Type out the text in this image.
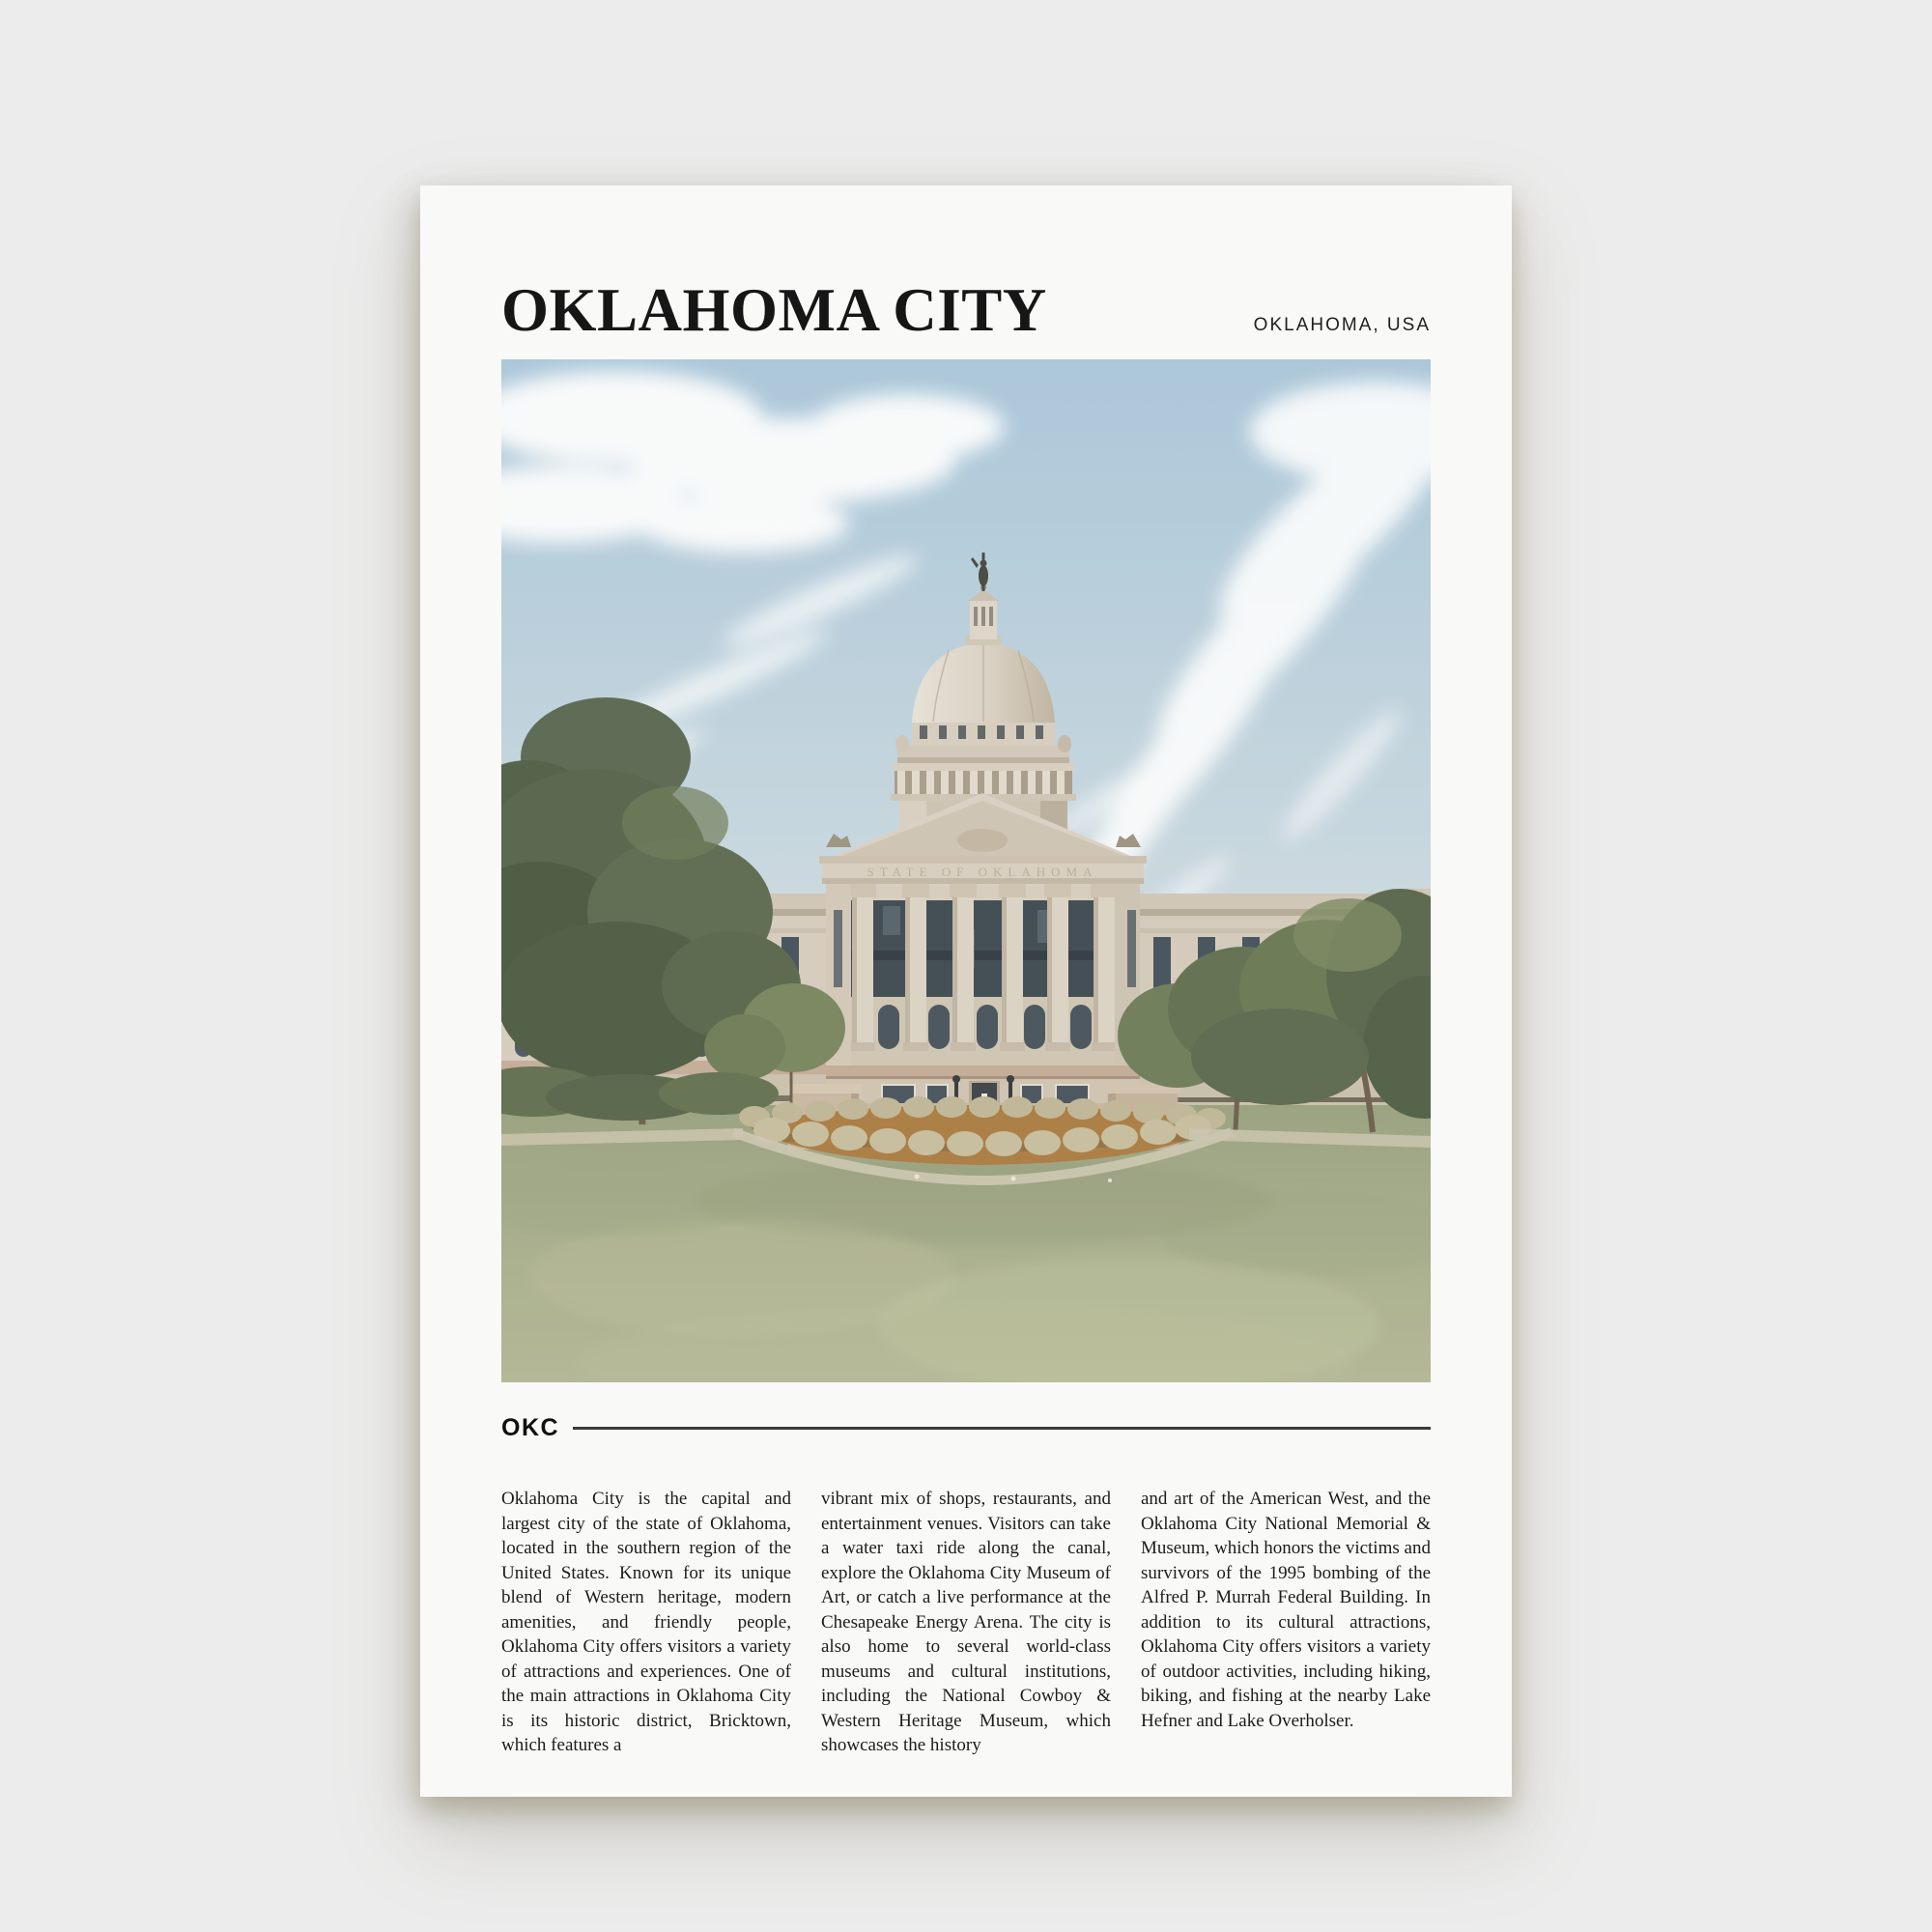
OKLAHOMA CITY	OKLAHOMA, USA
STATE OF OKLAHOMA
OKC

Oklahoma City is the capital and largest city of the state of Oklahoma, located in the southern region of the United States. Known for its unique blend of Western heritage, modern amenities, and friendly people, Oklahoma City offers visitors a variety of attractions and experiences. One of the main attractions in Oklahoma City is its historic district, Bricktown, which features a

vibrant mix of shops, restaurants, and entertainment venues. Visitors can take a water taxi ride along the canal, explore the Oklahoma City Museum of Art, or catch a live performance at the Chesapeake Energy Arena. The city is also home to several world-class museums and cultural institutions, including the National Cowboy & Western Heritage Museum, which showcases the history

and art of the American West, and the Oklahoma City National Memorial & Museum, which honors the victims and survivors of the 1995 bombing of the Alfred P. Murrah Federal Building. In addition to its cultural attractions, Oklahoma City offers visitors a variety of outdoor activities, including hiking, biking, and fishing at the nearby Lake Hefner and Lake Overholser.
